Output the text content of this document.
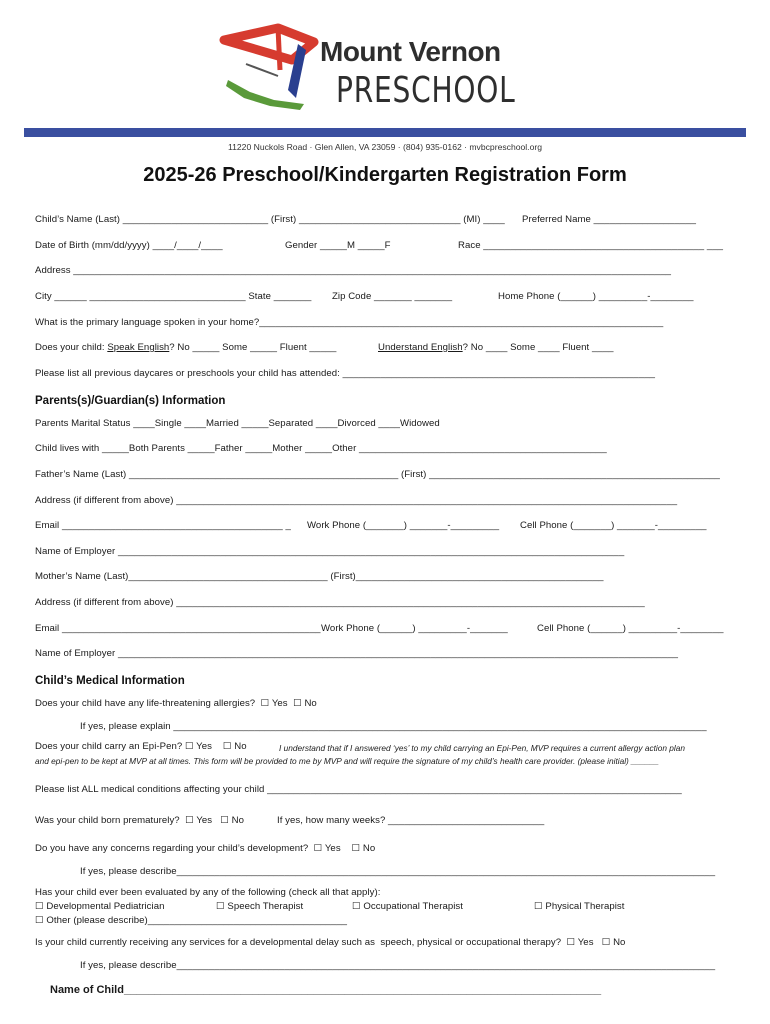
Mount Vernon
PRESCHOOL
11220 Nuckols Road · Glen Allen, VA 23059 · (804) 935-0162 · mvbcpreschool.org
2025-26 Preschool/Kindergarten Registration Form
Child’s Name (Last) ___________________________ (First) ______________________________ (MI) ____ Preferred Name ___________________
Date of Birth (mm/dd/yyyy) ____/____/____	Gender _____M _____F	Race _________________________________________ ___
Address _______________________________________________________________________________________________________________
City ______ _____________________________ State _______ Zip Code _______ _______	Home Phone (______) _________-________
What is the primary language spoken in your home?___________________________________________________________________________
Does your child: Speak English? No _____ Some _____ Fluent _____	Understand English? No ____ Some ____ Fluent ____
Please list all previous daycares or preschools your child has attended: __________________________________________________________
Parents(s)/Guardian(s) Information
Parents Marital Status ____Single ____Married _____Separated ____Divorced ____Widowed
Child lives with _____Both Parents _____Father _____Mother _____Other ______________________________________________
Father’s Name (Last) __________________________________________________ (First) ______________________________________________________
Address (if different from above) _____________________________________________________________________________________________
Email _________________________________________ _ Work Phone (_______) _______-_________ Cell Phone (_______) _______-_________
Name of Employer ______________________________________________________________________________________________
Mother’s Name (Last)_____________________________________ (First)______________________________________________
Address (if different from above) _______________________________________________________________________________________
Email ________________________________________________ Work Phone (______) _________-_______	Cell Phone (______) _________-________
Name of Employer ________________________________________________________________________________________________________
Child’s Medical Information
Does your child have any life-threatening allergies? ☐ Yes ☐ No
If yes, please explain ___________________________________________________________________________________________________
Does your child carry an Epi-Pen? ☐ Yes ☐ No	I understand that if I answered ‘yes’ to my child carrying an Epi-Pen, MVP requires a current allergy action plan
and epi-pen to be kept at MVP at all times. This form will be provided to me by MVP and will require the signature of my child’s health care provider. (please initial) ______
Please list ALL medical conditions affecting your child _____________________________________________________________________________
Was your child born prematurely? ☐ Yes ☐ No	If yes, how many weeks? _____________________________
Do you have any concerns regarding your child’s development? ☐ Yes ☐ No
If yes, please describe____________________________________________________________________________________________________
Has your child ever been evaluated by any of the following (check all that apply):
☐ Developmental Pediatrician	☐ Speech Therapist	☐ Occupational Therapist	☐ Physical Therapist
☐ Other (please describe)_____________________________________
Is your child currently receiving any services for a developmental delay such as  speech, physical or occupational therapy? ☐ Yes ☐ No
If yes, please describe____________________________________________________________________________________________________
Name of Child______________________________________________________________________________
